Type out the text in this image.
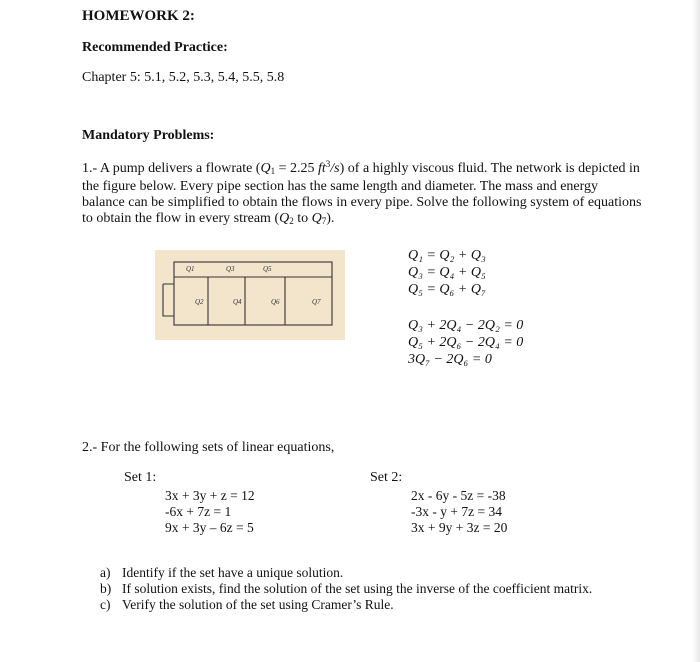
HOMEWORK 2:
Recommended Practice:
Chapter 5: 5.1, 5.2, 5.3, 5.4, 5.5, 5.8
Mandatory Problems:
1.- A pump delivers a flowrate ($Q_1 = 2.25$ $ft^3/s$) of a highly viscous fluid. The network is depicted in the figure below. Every pipe section has the same length and diameter. The mass and energy balance can be simplified to obtain the flows in every pipe. Solve the following system of equations to obtain the flow in every stream ($Q_2$ to $Q_7$).
Q1	Q3	Q5
Q2	Q4	Q6	Q7
Q₁ = Q₂ + Q₃
Q₃ = Q₄ + Q₅
Q₅ = Q₆ + Q₇
Q₃ + 2Q₄ − 2Q₂ = 0
Q₅ + 2Q₆ − 2Q₄ = 0
3Q₇ − 2Q₆ = 0
2.- For the following sets of linear equations,
Set 1:
3x + 3y + z = 12
-6x + 7z = 1
9x + 3y – 6z = 5
Set 2:
2x - 6y - 5z = -38
-3x - y + 7z = 34
3x + 9y + 3z = 20
a) Identify if the set have a unique solution.
b) If solution exists, find the solution of the set using the inverse of the coefficient matrix.
c) Verify the solution of the set using Cramer’s Rule.
